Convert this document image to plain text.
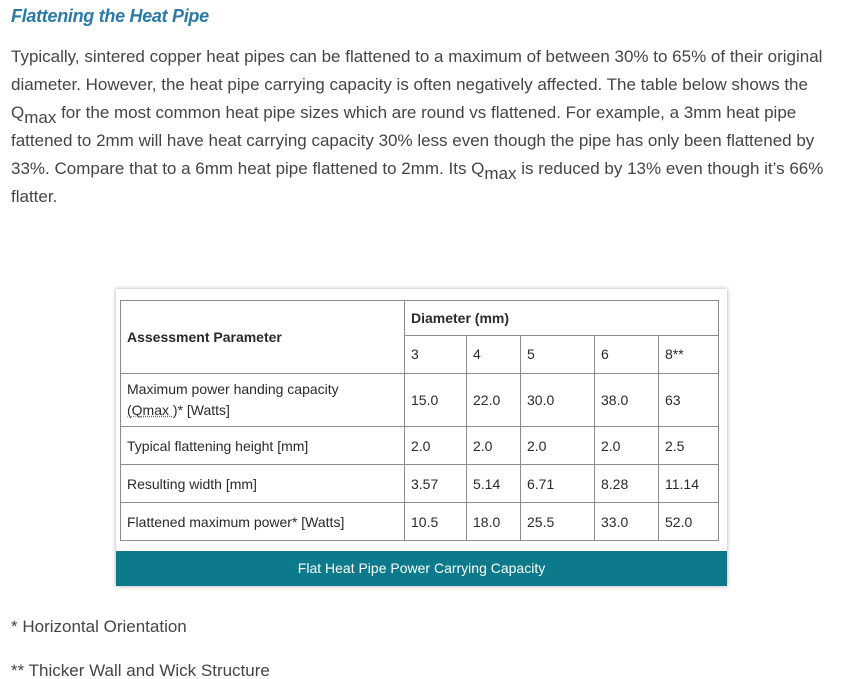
Flattening the Heat Pipe

Typically, sintered copper heat pipes can be flattened to a maximum of between 30% to 65% of their original diameter. However, the heat pipe carrying capacity is often negatively affected. The table below shows the $Q_{max}$ for the most common heat pipe sizes which are round vs flattened. For example, a 3mm heat pipe fattened to 2mm will have heat carrying capacity 30% less even though the pipe has only been flattened by 33%. Compare that to a 6mm heat pipe flattened to 2mm. Its $Q_{max}$ is reduced by 13% even though it’s 66% flatter.

Assessment Parameter	Diameter (mm)				
	3	4	5	6	8**
Maximum power handing capacity
(Qmax )* [Watts]	15.0	22.0	30.0	38.0	63
Typical flattening height [mm]	2.0	2.0	2.0	2.0	2.5
Resulting width [mm]	3.57	5.14	6.71	8.28	11.14
Flattened maximum power* [Watts]	10.5	18.0	25.5	33.0	52.0
Flat Heat Pipe Power Carrying Capacity
* Horizontal Orientation
** Thicker Wall and Wick Structure
